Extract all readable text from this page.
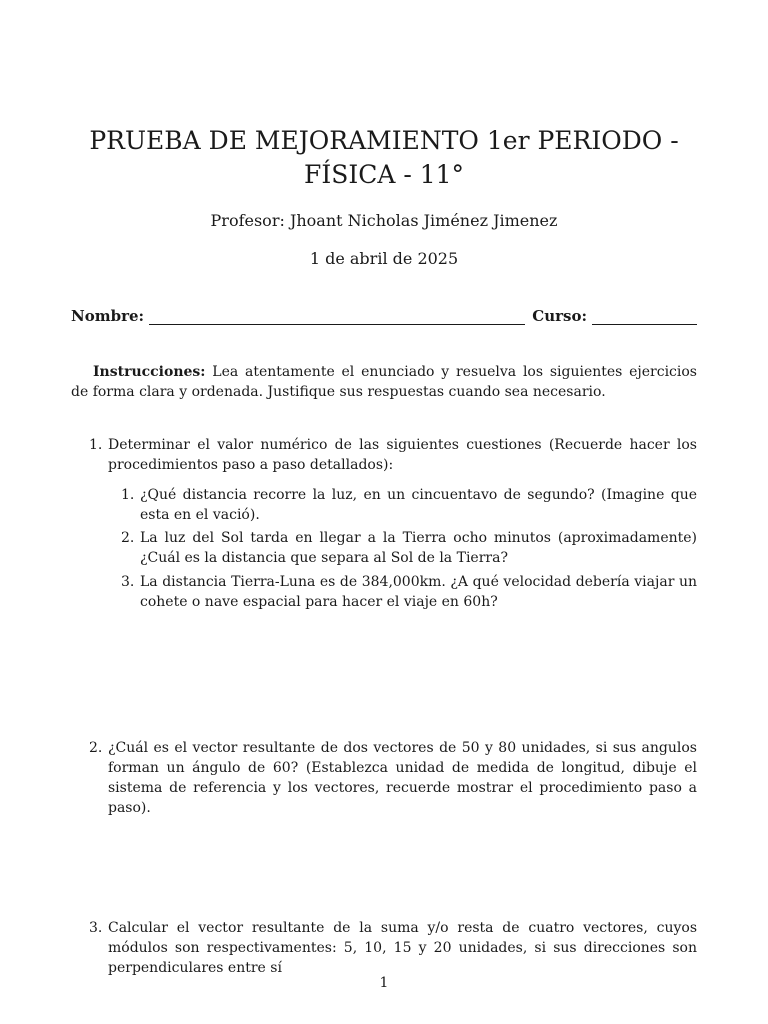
PRUEBA DE MEJORAMIENTO 1er PERIODO - FÍSICA - 11°
Profesor: Jhoant Nicholas Jiménez Jimenez
1 de abril de 2025
Nombre:	Curso:
Instrucciones: Lea atentamente el enunciado y resuelva los siguientes ejercicios de forma clara y ordenada. Justifique sus respuestas cuando sea necesario.
1. Determinar el valor numérico de las siguientes cuestiones (Recuerde hacer los procedimientos paso a paso detallados):
1. ¿Qué distancia recorre la luz, en un cincuentavo de segundo? (Imagine que esta en el vació).
2. La luz del Sol tarda en llegar a la Tierra ocho minutos (aproximadamente) ¿Cuál es la distancia que separa al Sol de la Tierra?
3. La distancia Tierra-Luna es de 384,000km. ¿A qué velocidad debería viajar un cohete o nave espacial para hacer el viaje en 60h?
2. ¿Cuál es el vector resultante de dos vectores de 50 y 80 unidades, si sus angulos forman un ángulo de 60? (Establezca unidad de medida de longitud, dibuje el sistema de referencia y los vectores, recuerde mostrar el procedimiento paso a paso).
3. Calcular el vector resultante de la suma y/o resta de cuatro vectores, cuyos módulos son respectivamentes: 5, 10, 15 y 20 unidades, si sus direcciones son perpendiculares entre sí
1
